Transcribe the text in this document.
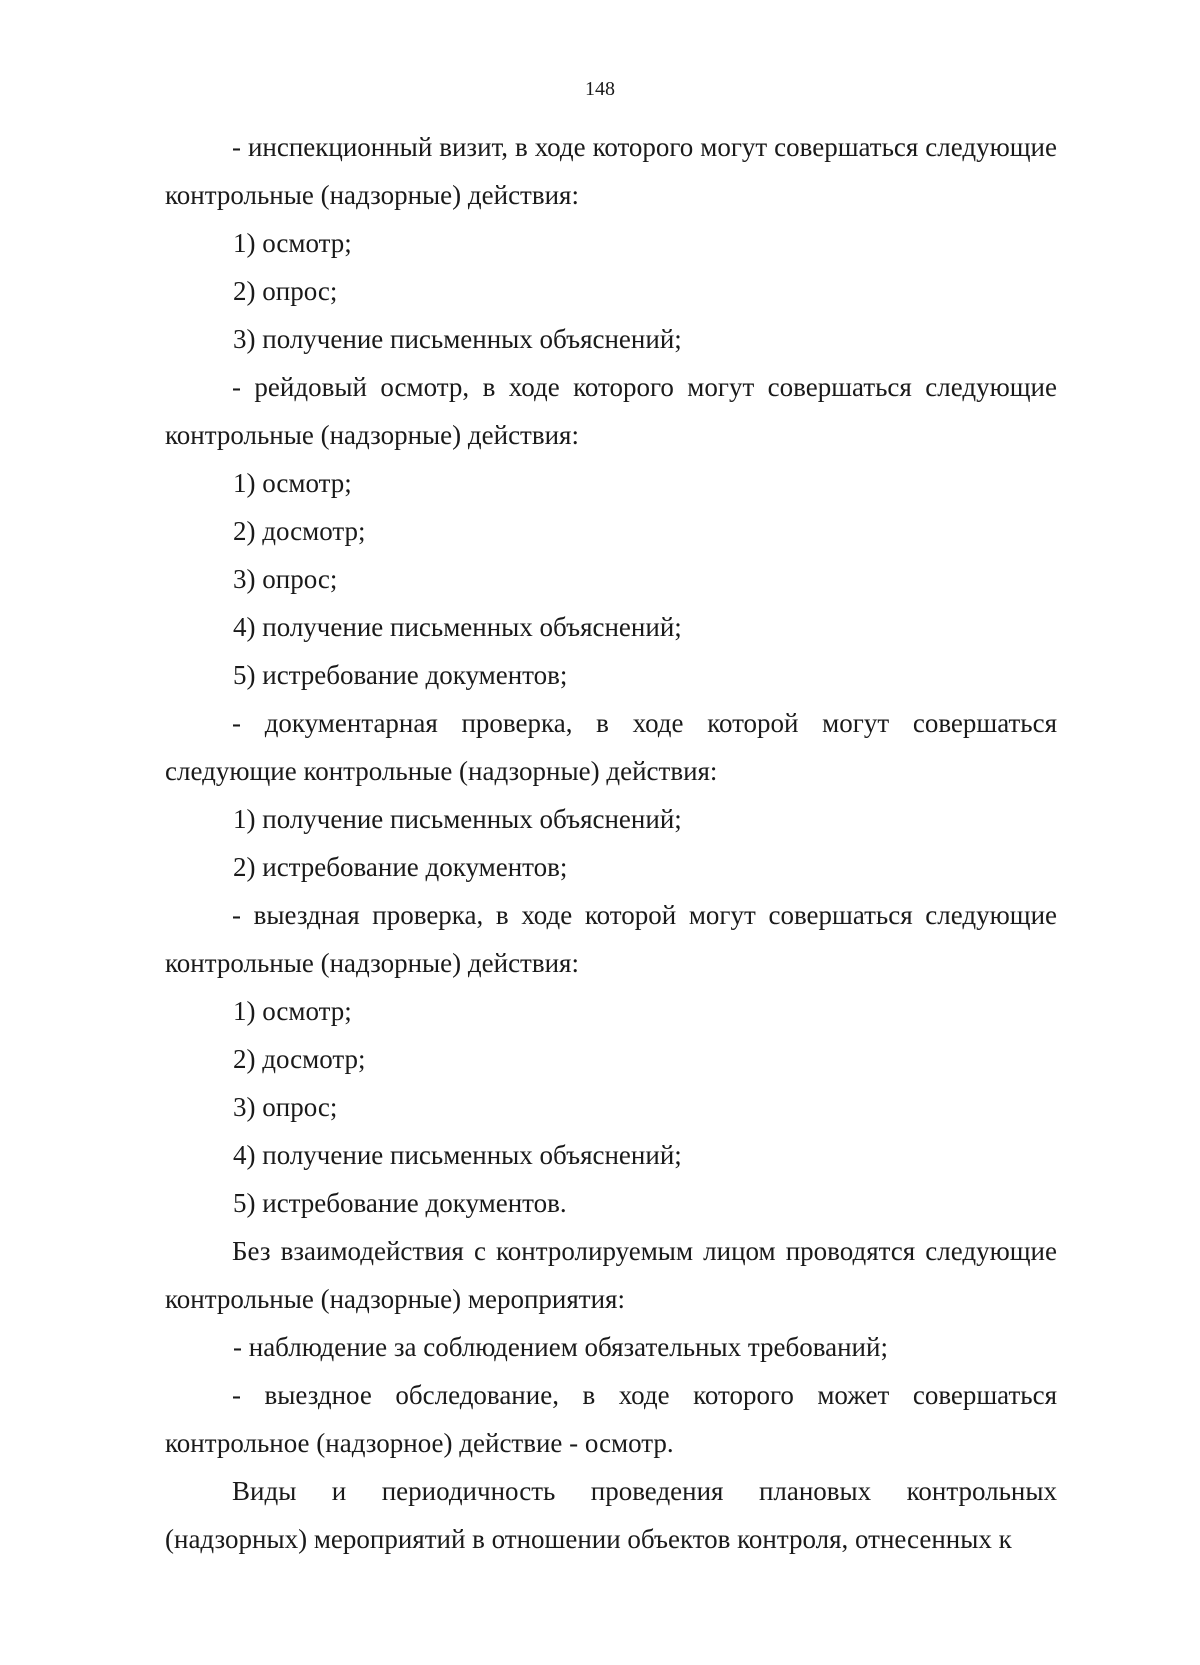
148

- инспекционный визит, в ходе которого могут совершаться следующие контрольные (надзорные) действия:

1) осмотр;

2) опрос;

3) получение письменных объяснений;

- рейдовый осмотр, в ходе которого могут совершаться следующие контрольные (надзорные) действия:

1) осмотр;

2) досмотр;

3) опрос;

4) получение письменных объяснений;

5) истребование документов;

- документарная проверка, в ходе которой могут совершаться следующие контрольные (надзорные) действия:

1) получение письменных объяснений;

2) истребование документов;

- выездная проверка, в ходе которой могут совершаться следующие контрольные (надзорные) действия:

1) осмотр;

2) досмотр;

3) опрос;

4) получение письменных объяснений;

5) истребование документов.

Без взаимодействия с контролируемым лицом проводятся следующие контрольные (надзорные) мероприятия:

- наблюдение за соблюдением обязательных требований;

- выездное обследование, в ходе которого может совершаться контрольное (надзорное) действие - осмотр.

Виды и периодичность проведения плановых контрольных (надзорных) мероприятий в отношении объектов контроля, отнесенных к
